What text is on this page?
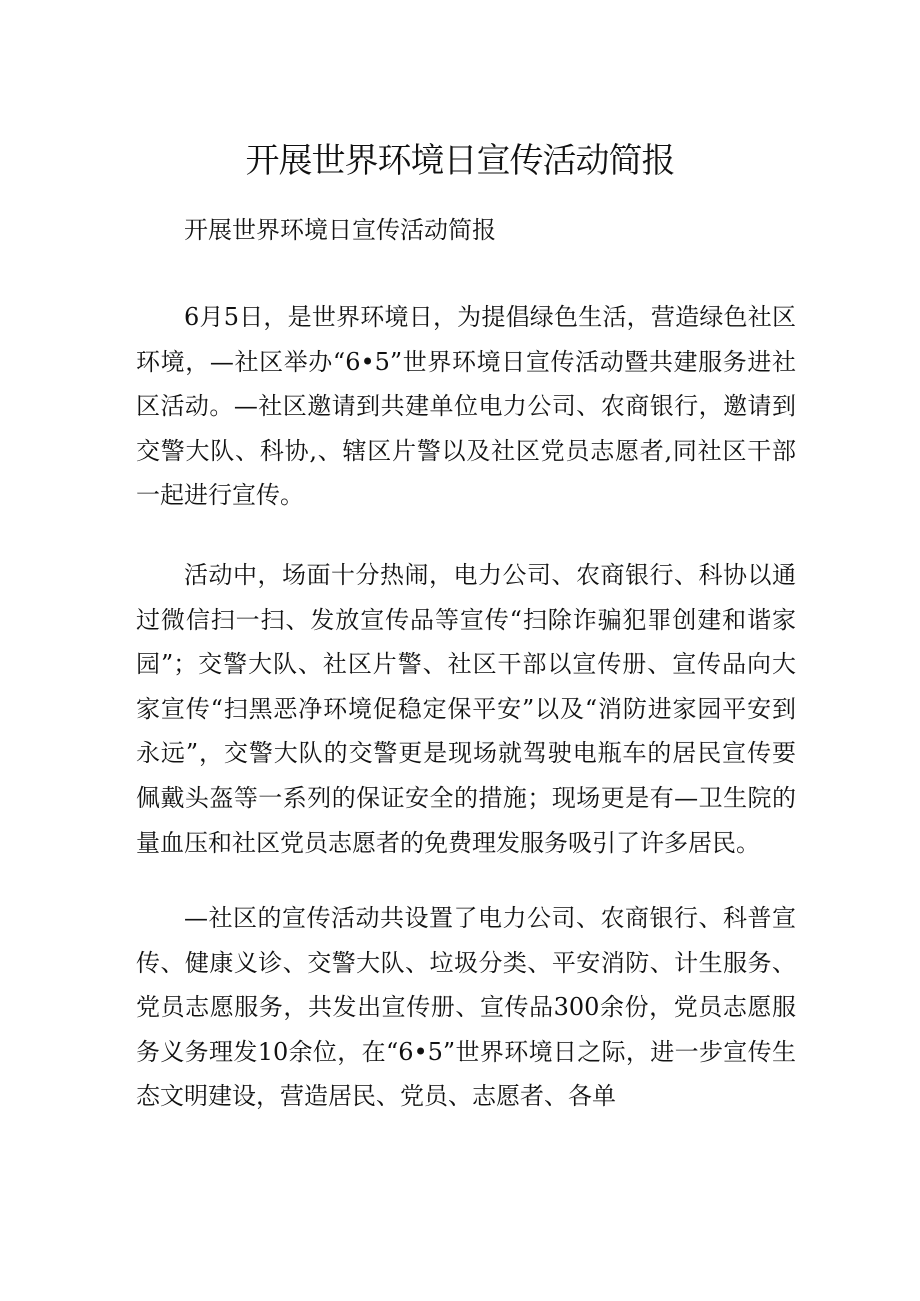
开展世界环境日宣传活动简报
开展世界环境日宣传活动简报

6月5日，是世界环境日，为提倡绿色生活，营造绿色社区环境，—社区举办“6•5”世界环境日宣传活动暨共建服务进社区活动。—社区邀请到共建单位电力公司、农商银行，邀请到交警大队、科协,、辖区片警以及社区党员志愿者,同社区干部一起进行宣传。

活动中，场面十分热闹，电力公司、农商银行、科协以通过微信扫一扫、发放宣传品等宣传“扫除诈骗犯罪创建和谐家园”；交警大队、社区片警、社区干部以宣传册、宣传品向大家宣传“扫黑恶净环境促稳定保平安”以及“消防进家园平安到永远”，交警大队的交警更是现场就驾驶电瓶车的居民宣传要佩戴头盔等一系列的保证安全的措施；现场更是有—卫生院的量血压和社区党员志愿者的免费理发服务吸引了许多居民。

—社区的宣传活动共设置了电力公司、农商银行、科普宣传、健康义诊、交警大队、垃圾分类、平安消防、计生服务、党员志愿服务，共发出宣传册、宣传品300余份，党员志愿服务义务理发10余位，在“6•5”世界环境日之际，进一步宣传生态文明建设，营造居民、党员、志愿者、各单
